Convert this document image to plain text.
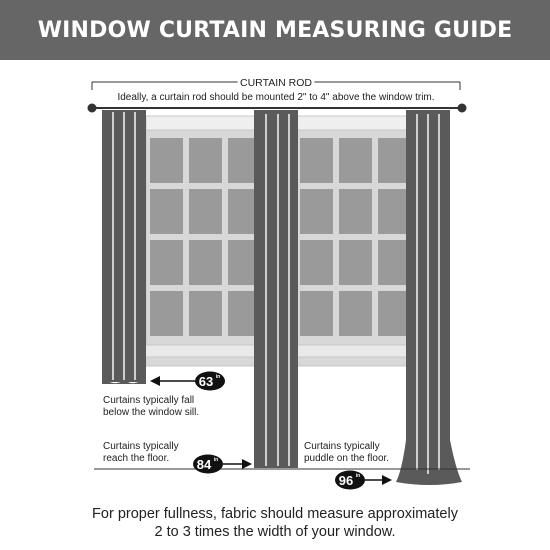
WINDOW CURTAIN MEASURING GUIDE
CURTAIN ROD
Ideally, a curtain rod should be mounted 2" to 4" above the window trim.
63 in
84 in
96 in
Curtains typically fall
below the window sill.
Curtains typically
reach the floor.
Curtains typically
puddle on the floor.
For proper fullness, fabric should measure approximately
2 to 3 times the width of your window.
